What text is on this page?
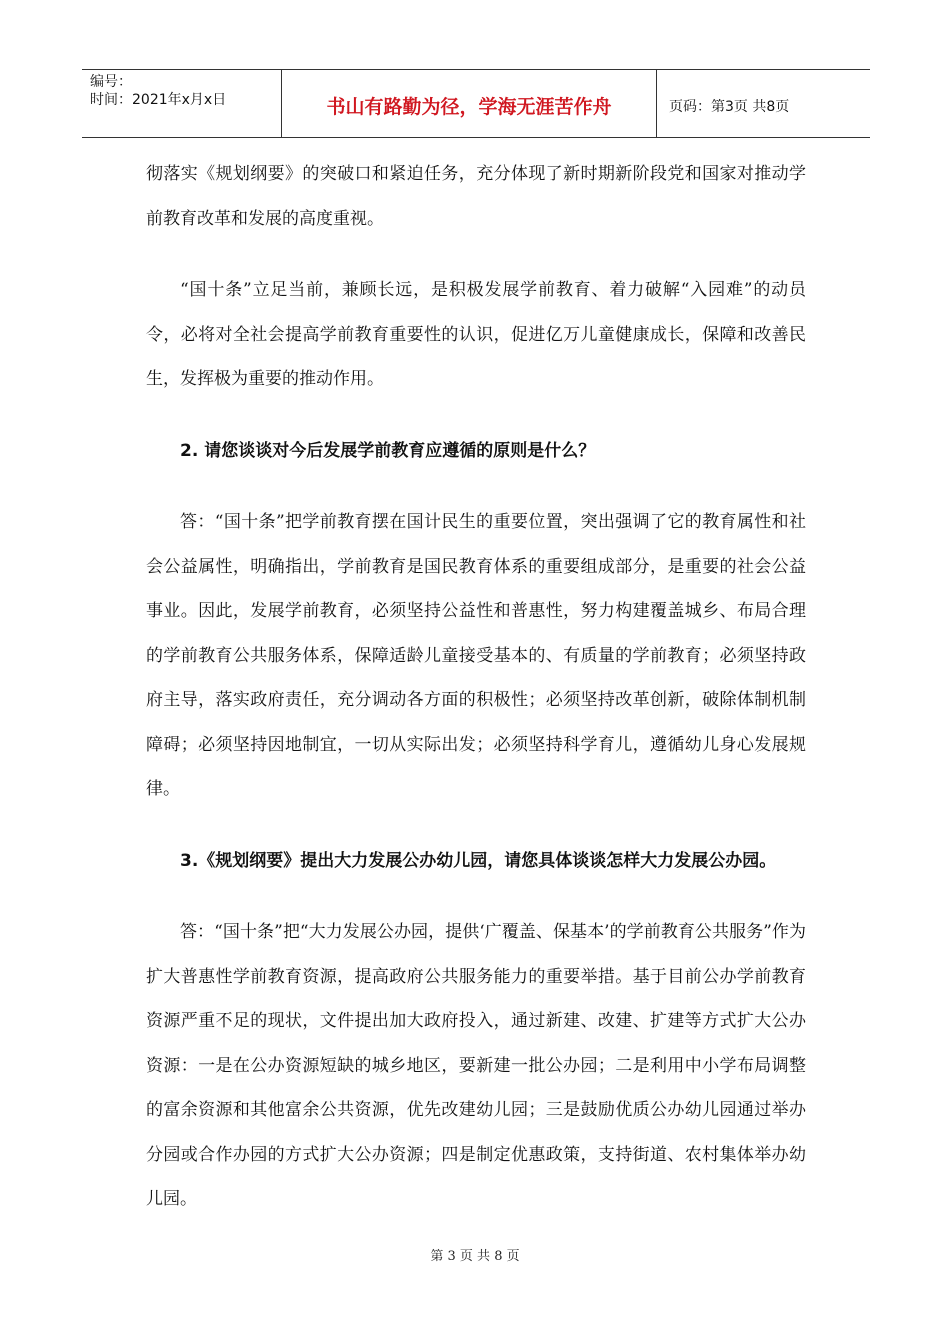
编号：
时间：2021年x月x日	书山有路勤为径，学海无涯苦作舟	页码：第3页 共8页

彻落实《规划纲要》的突破口和紧迫任务，充分体现了新时期新阶段党和国家对推动学前教育改革和发展的高度重视。

“国十条”立足当前，兼顾长远，是积极发展学前教育、着力破解“入园难”的动员令，必将对全社会提高学前教育重要性的认识，促进亿万儿童健康成长，保障和改善民生，发挥极为重要的推动作用。

2. 请您谈谈对今后发展学前教育应遵循的原则是什么？

答：“国十条”把学前教育摆在国计民生的重要位置，突出强调了它的教育属性和社会公益属性，明确指出，学前教育是国民教育体系的重要组成部分，是重要的社会公益事业。因此，发展学前教育，必须坚持公益性和普惠性，努力构建覆盖城乡、布局合理的学前教育公共服务体系，保障适龄儿童接受基本的、有质量的学前教育；必须坚持政府主导，落实政府责任，充分调动各方面的积极性；必须坚持改革创新，破除体制机制障碍；必须坚持因地制宜，一切从实际出发；必须坚持科学育儿，遵循幼儿身心发展规律。

3.《规划纲要》提出大力发展公办幼儿园，请您具体谈谈怎样大力发展公办园。

答：“国十条”把“大力发展公办园，提供‘广覆盖、保基本’的学前教育公共服务”作为扩大普惠性学前教育资源，提高政府公共服务能力的重要举措。基于目前公办学前教育资源严重不足的现状，文件提出加大政府投入，通过新建、改建、扩建等方式扩大公办资源：一是在公办资源短缺的城乡地区，要新建一批公办园；二是利用中小学布局调整的富余资源和其他富余公共资源，优先改建幼儿园；三是鼓励优质公办幼儿园通过举办分园或合作办园的方式扩大公办资源；四是制定优惠政策，支持街道、农村集体举办幼儿园。

第 3 页 共 8 页
